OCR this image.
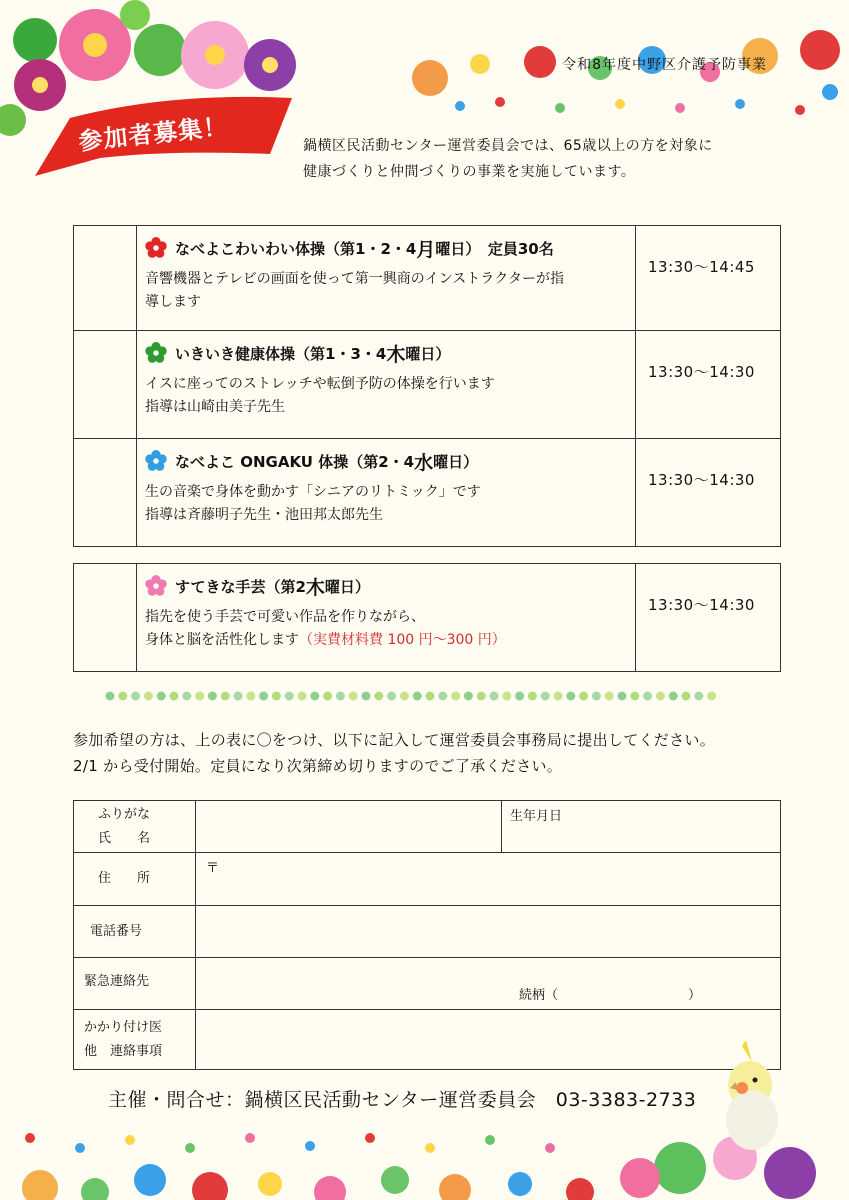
参加者募集！
令和8年度中野区介護予防事業
鍋横区民活動センター運営委員会では、65歳以上の方を対象に
健康づくりと仲間づくりの事業を実施しています。

	なべよこわいわい体操（第1・2・4 月 曜日）　定員30名
音響機器とテレビの画面を使って第一興商のインストラクターが指
導します	13:30〜14:45

	いきいき健康体操（第1・3・4 木 曜日）
イスに座ってのストレッチや転倒予防の体操を行います
指導は山崎由美子先生	13:30〜14:30

	なべよこ ONGAKU 体操（第2・4 水 曜日）
生の音楽で身体を動かす「シニアのリトミック」です
指導は斉藤明子先生・池田邦太郎先生	13:30〜14:30

すてきな手芸（第2 木 曜日）
指先を使う手芸で可愛い作品を作りながら、
身体と脳を活性化します（実費材料費 100 円〜300 円）
	13:30〜14:30
参加希望の方は、上の表に〇をつけ、以下に記入して運営委員会事務局に提出してください。
2/1 から受付開始。定員になり次第締め切りますのでご了承ください。
ふりがな
氏　　名		生年月日
住　　所	〒	
電話番号		
緊急連絡先	続柄（　　　　　　　　　　）	

かかり付け医
他　連絡事項		

主催・問合せ：鍋横区民活動センター運営委員会　03-3383-2733
